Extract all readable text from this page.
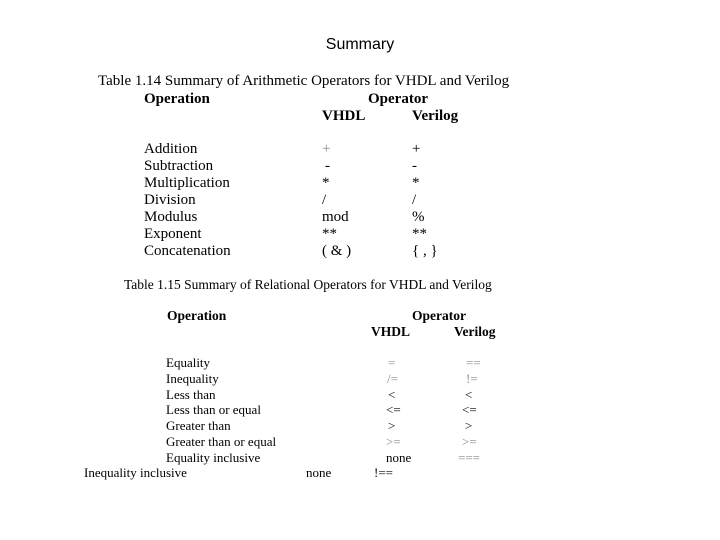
Summary
Table 1.14 Summary of Arithmetic Operators for VHDL and Verilog
Operation	Operator
VHDL	Verilog
Addition	+	+
Subtraction	-	-
Multiplication	*	*
Division	/	/
Modulus	mod	%
Exponent	**	**
Concatenation	( & )	{ , }
Table 1.15 Summary of Relational Operators for VHDL and Verilog
Operation	Operator
VHDL	Verilog
Equality	=	==
Inequality	/=	!=
Less than	<	<
Less than or equal	<=	<=
Greater than	>	>
Greater than or equal	>=	>=
Equality inclusive	none	===
Inequality inclusive	none	!==
